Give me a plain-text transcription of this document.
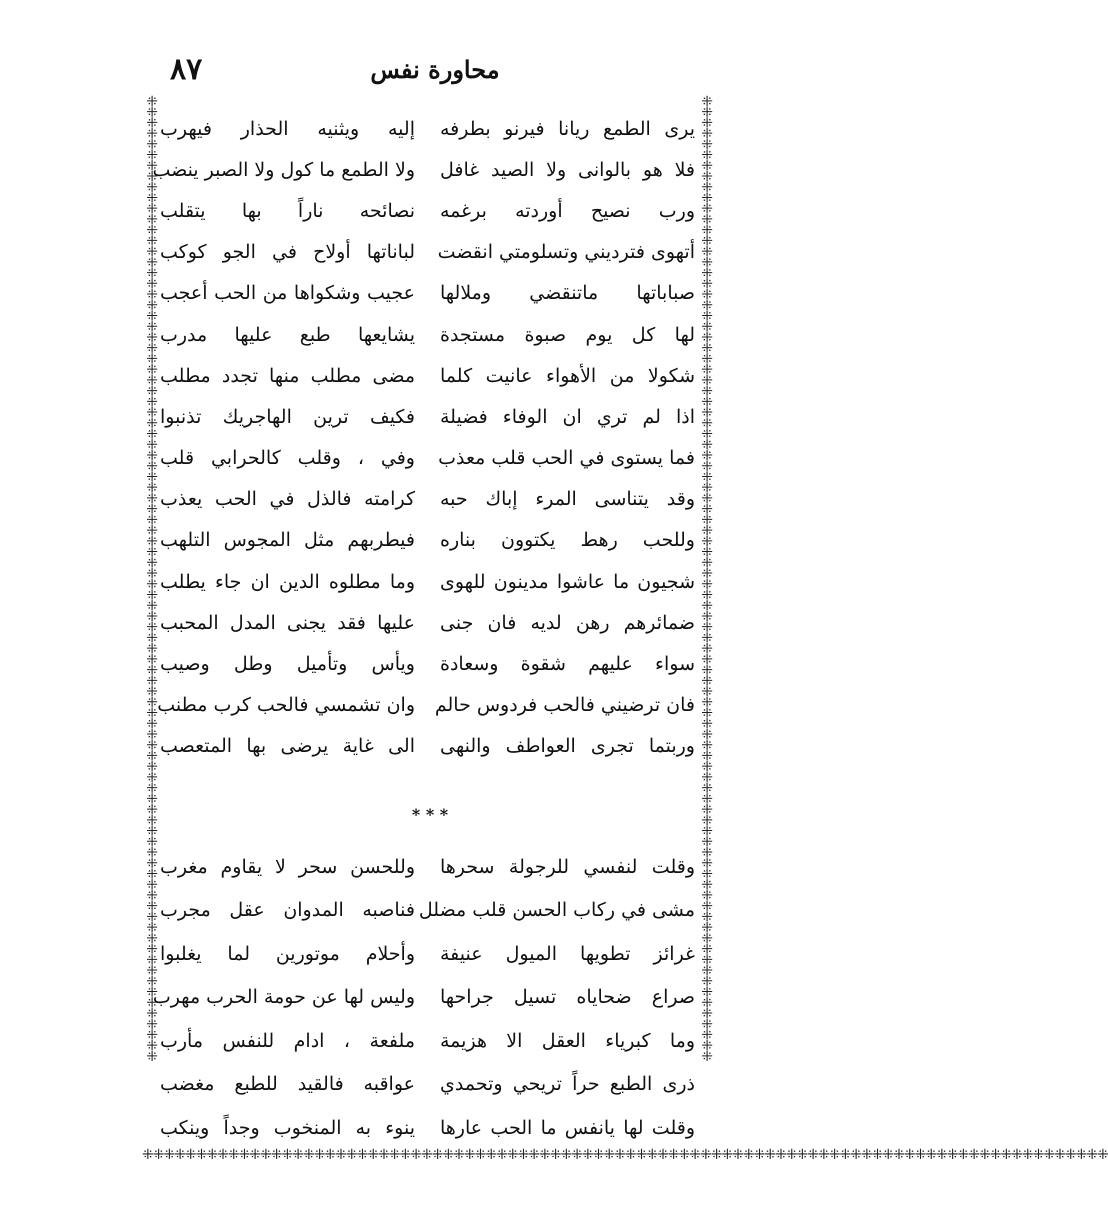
٨٧	محاورة نفس
⁜⁜⁜⁜⁜⁜⁜⁜⁜⁜⁜⁜⁜⁜⁜⁜⁜⁜⁜⁜⁜⁜⁜⁜⁜⁜⁜⁜⁜⁜⁜⁜⁜⁜⁜⁜⁜⁜⁜⁜⁜⁜⁜⁜⁜⁜⁜⁜⁜⁜⁜⁜⁜⁜⁜⁜⁜⁜⁜⁜⁜⁜⁜⁜⁜⁜⁜⁜⁜⁜⁜⁜⁜⁜⁜⁜⁜⁜⁜⁜⁜⁜⁜⁜⁜⁜⁜⁜⁜⁜	⁜⁜⁜⁜⁜⁜⁜⁜⁜⁜⁜⁜⁜⁜⁜⁜⁜⁜⁜⁜⁜⁜⁜⁜⁜⁜⁜⁜⁜⁜⁜⁜⁜⁜⁜⁜⁜⁜⁜⁜⁜⁜⁜⁜⁜⁜⁜⁜⁜⁜⁜⁜⁜⁜⁜⁜⁜⁜⁜⁜⁜⁜⁜⁜⁜⁜⁜⁜⁜⁜⁜⁜⁜⁜⁜⁜⁜⁜⁜⁜⁜⁜⁜⁜⁜⁜⁜⁜⁜⁜
⁜⁜⁜⁜⁜⁜⁜⁜⁜⁜⁜⁜⁜⁜⁜⁜⁜⁜⁜⁜⁜⁜⁜⁜⁜⁜⁜⁜⁜⁜⁜⁜⁜⁜⁜⁜⁜⁜⁜⁜⁜⁜⁜⁜⁜⁜⁜⁜⁜⁜⁜⁜⁜⁜⁜⁜⁜⁜⁜⁜⁜⁜⁜⁜⁜⁜⁜⁜⁜⁜⁜⁜⁜⁜⁜⁜⁜⁜⁜⁜⁜⁜⁜⁜⁜⁜⁜⁜⁜⁜
يرى الطمع ريانا فيرنو بطرفه
إليه ويثنيه الحذار فيهرب
فلا هو بالوانى ولا الصيد غافل
ولا الطمع ما كول ولا الصبر ينضب
ورب نصيح أوردته برغمه
نصائحه ناراً بها يتقلب
أتهوى فترديني وتسلومتي انقضت
لباناتها أولاح في الجو كوكب
صباباتها ماتنقضي وملالها
عجيب وشكواها من الحب أعجب
لها كل يوم صبوة مستجدة
يشايعها طبع عليها مدرب
شكولا من الأهواء عانيت كلما
مضى مطلب منها تجدد مطلب
اذا لم تري ان الوفاء فضيلة
فكيف ترين الهاجريك تذنبوا
فما يستوى في الحب قلب معذب
وفي ، وقلب كالحرابي قلب
وقد يتناسى المرء إباك حبه
كرامته فالذل في الحب يعذب
وللحب رهط يكتوون بناره
فيطربهم مثل المجوس التلهب
شجيون ما عاشوا مدينون للهوى
وما مطلوه الدين ان جاء يطلب
ضمائرهم رهن لديه فان جنى
عليها فقد يجنى المدل المحبب
سواء عليهم شقوة وسعادة
ويأس وتأميل وطل وصيب
فان ترضيني فالحب فردوس حالم
وان تشمسي فالحب كرب مطنب
وربتما تجرى العواطف والنهى
الى غاية يرضى بها المتعصب
* * *
وقلت لنفسي للرجولة سحرها
وللحسن سحر لا يقاوم مغرب
مشى في ركاب الحسن قلب مضلل
فناصبه المدوان عقل مجرب
غرائز تطويها الميول عنيفة
وأحلام موتورين لما يغلبوا
صراع ضحاياه تسيل جراحها
وليس لها عن حومة الحرب مهرب
وما كبرياء العقل الا هزيمة
ملفعة ، ادام للنفس مأرب
ذرى الطبع حراً تريحي وتحمدي
عواقبه فالقيد للطبع مغضب
وقلت لها يانفس ما الحب عارها
ينوء به المنخوب وجداً وينكب
